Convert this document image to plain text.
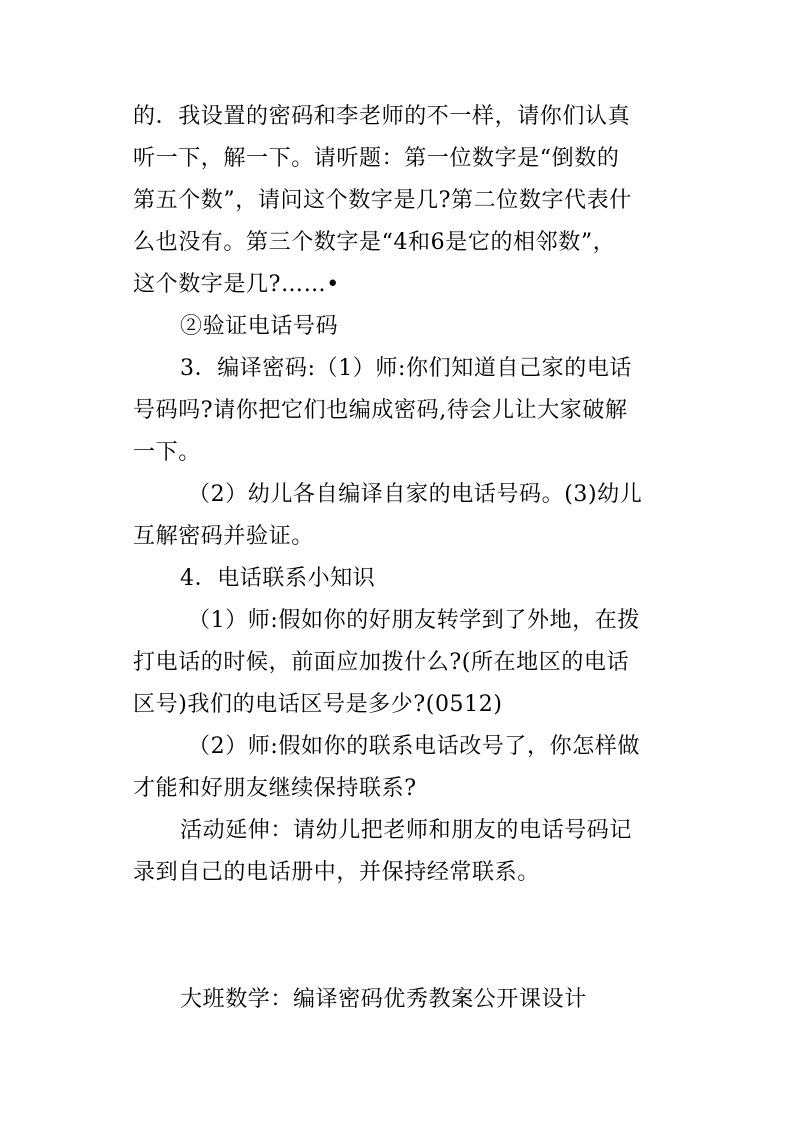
的．我设置的密码和李老师的不一样，请你们认真
听一下，解一下。请听题：第一位数字是“倒数的
第五个数”，请问这个数字是几?第二位数字代表什
么也没有。第三个数字是“4和6是它的相邻数”，
这个数字是几?……•
②验证电话号码
3．编译密码:（1）师:你们知道自己家的电话
号码吗?请你把它们也编成密码,待会儿让大家破解
一下。
（2）幼儿各自编译自家的电话号码。(3)幼儿
互解密码并验证。
4．电话联系小知识
（1）师:假如你的好朋友转学到了外地，在拨
打电话的时候，前面应加拨什么?(所在地区的电话
区号)我们的电话区号是多少?(0512)
（2）师:假如你的联系电话改号了，你怎样做
才能和好朋友继续保持联系?
活动延伸：请幼儿把老师和朋友的电话号码记
录到自己的电话册中，并保持经常联系。
大班数学：编译密码优秀教案公开课设计
